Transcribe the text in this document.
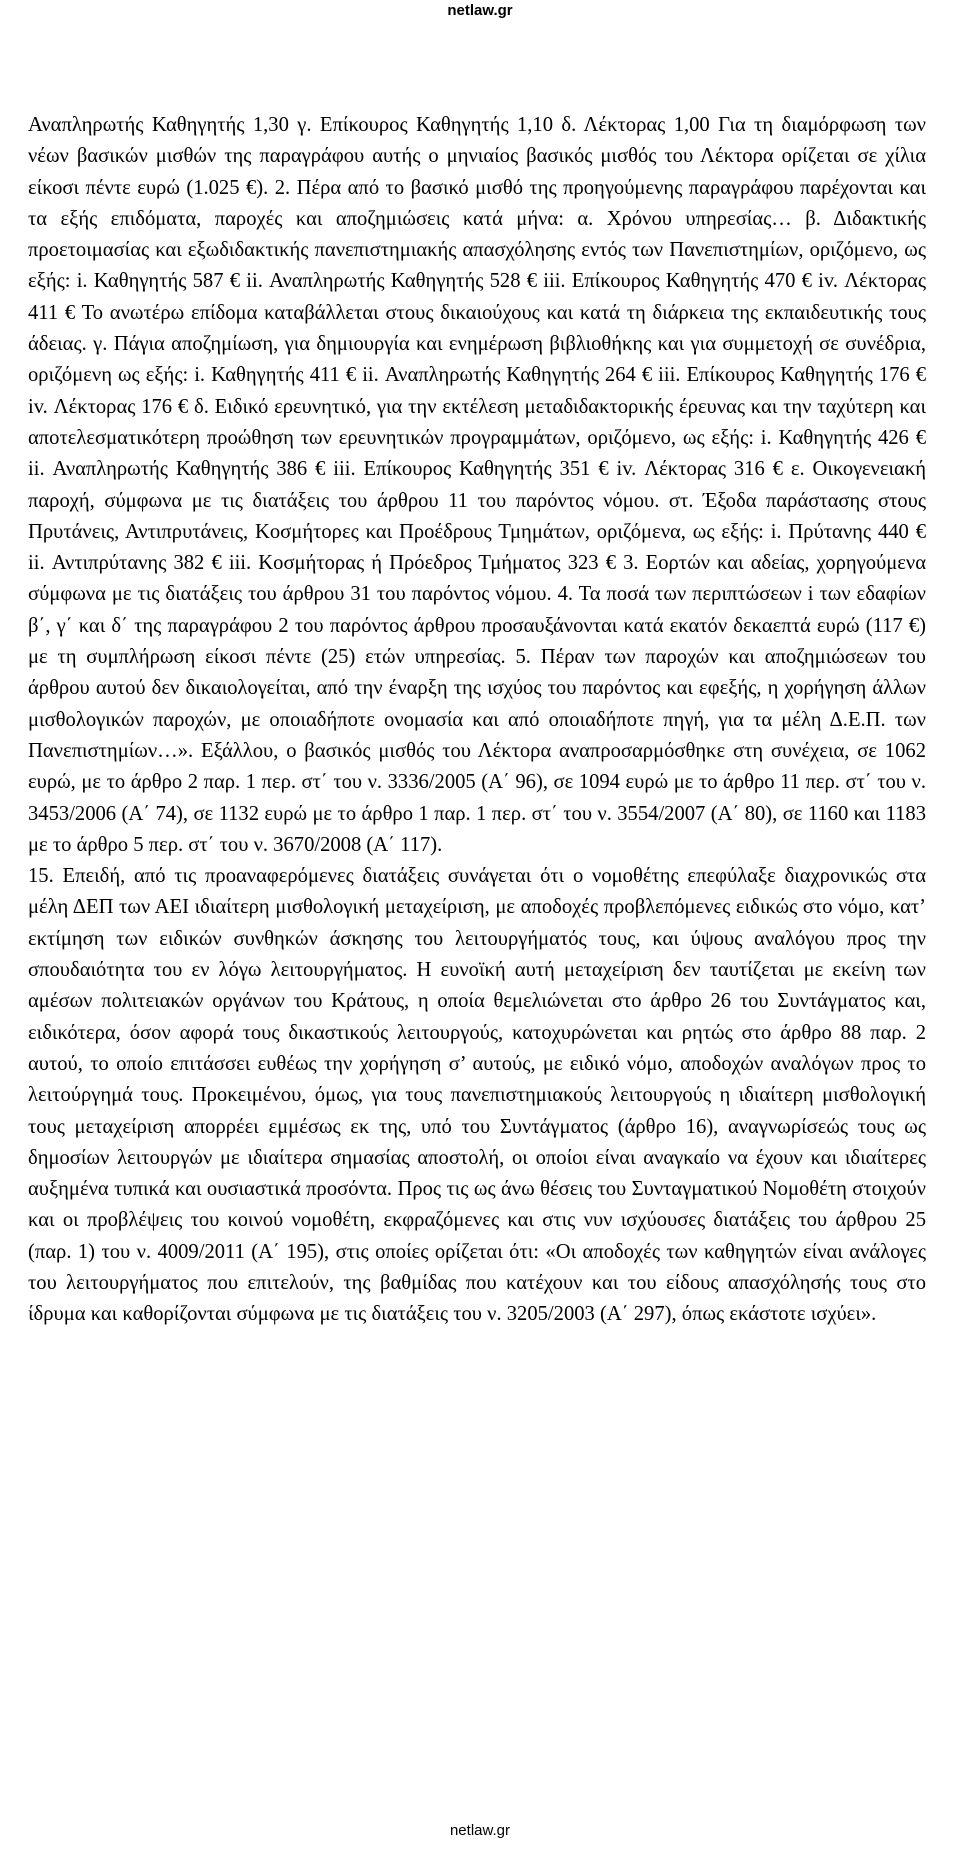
netlaw.gr

Αναπληρωτής Καθηγητής 1,30 γ. Επίκουρος Καθηγητής 1,10 δ. Λέκτορας 1,00 Για τη διαμόρφωση των νέων βασικών μισθών της παραγράφου αυτής ο μηνιαίος βασικός μισθός του Λέκτορα ορίζεται σε χίλια είκοσι πέντε ευρώ (1.025 €). 2. Πέρα από το βασικό μισθό της προηγούμενης παραγράφου παρέχονται και τα εξής επιδόματα, παροχές και αποζημιώσεις κατά μήνα: α. Χρόνου υπηρεσίας… β. Διδακτικής προετοιμασίας και εξωδιδακτικής πανεπιστημιακής απασχόλησης εντός των Πανεπιστημίων, οριζόμενο, ως εξής: i. Καθηγητής 587 € ii. Αναπληρωτής Καθηγητής 528 € iii. Επίκουρος Καθηγητής 470 € iv. Λέκτορας 411 € Το ανωτέρω επίδομα καταβάλλεται στους δικαιούχους και κατά τη διάρκεια της εκπαιδευτικής τους άδειας. γ. Πάγια αποζημίωση, για δημιουργία και ενημέρωση βιβλιοθήκης και για συμμετοχή σε συνέδρια, οριζόμενη ως εξής: i. Καθηγητής 411 € ii. Αναπληρωτής Καθηγητής 264 € iii. Επίκουρος Καθηγητής 176 € iv. Λέκτορας 176 € δ. Ειδικό ερευνητικό, για την εκτέλεση μεταδιδακτορικής έρευνας και την ταχύτερη και αποτελεσματικότερη προώθηση των ερευνητικών προγραμμάτων, οριζόμενο, ως εξής: i. Καθηγητής 426 € ii. Αναπληρωτής Καθηγητής 386 € iii. Επίκουρος Καθηγητής 351 € iv. Λέκτορας 316 € ε. Οικογενειακή παροχή, σύμφωνα με τις διατάξεις του άρθρου 11 του παρόντος νόμου. στ. Έξοδα παράστασης στους Πρυτάνεις, Αντιπρυτάνεις, Κοσμήτορες και Προέδρους Τμημάτων, οριζόμενα, ως εξής: i. Πρύτανης 440 € ii. Αντιπρύτανης 382 € iii. Κοσμήτορας ή Πρόεδρος Τμήματος 323 € 3. Εορτών και αδείας, χορηγούμενα σύμφωνα με τις διατάξεις του άρθρου 31 του παρόντος νόμου. 4. Τα ποσά των περιπτώσεων i των εδαφίων β΄, γ΄ και δ΄ της παραγράφου 2 του παρόντος άρθρου προσαυξάνονται κατά εκατόν δεκαεπτά ευρώ (117 €) με τη συμπλήρωση είκοσι πέντε (25) ετών υπηρεσίας. 5. Πέραν των παροχών και αποζημιώσεων του άρθρου αυτού δεν δικαιολογείται, από την έναρξη της ισχύος του παρόντος και εφεξής, η χορήγηση άλλων μισθολογικών παροχών, με οποιαδήποτε ονομασία και από οποιαδήποτε πηγή, για τα μέλη Δ.Ε.Π. των Πανεπιστημίων…». Εξάλλου, ο βασικός μισθός του Λέκτορα αναπροσαρμόσθηκε στη συνέχεια, σε 1062 ευρώ, με το άρθρο 2 παρ. 1 περ. στ΄ του ν. 3336/2005 (Α΄ 96), σε 1094 ευρώ με το άρθρο 11 περ. στ΄ του ν. 3453/2006 (Α΄ 74), σε 1132 ευρώ με το άρθρο 1 παρ. 1 περ. στ΄ του ν. 3554/2007 (Α΄ 80), σε 1160 και 1183 με το άρθρο 5 περ. στ΄ του ν. 3670/2008 (Α΄ 117).

15. Επειδή, από τις προαναφερόμενες διατάξεις συνάγεται ότι ο νομοθέτης επεφύλαξε διαχρονικώς στα μέλη ΔΕΠ των ΑΕΙ ιδιαίτερη μισθολογική μεταχείριση, με αποδοχές προβλεπόμενες ειδικώς στο νόμο, κατ’ εκτίμηση των ειδικών συνθηκών άσκησης του λειτουργήματός τους, και ύψους αναλόγου προς την σπουδαιότητα του εν λόγω λειτουργήματος. Η ευνοϊκή αυτή μεταχείριση δεν ταυτίζεται με εκείνη των αμέσων πολιτειακών οργάνων του Κράτους, η οποία θεμελιώνεται στο άρθρο 26 του Συντάγματος και, ειδικότερα, όσον αφορά τους δικαστικούς λειτουργούς, κατοχυρώνεται και ρητώς στο άρθρο 88 παρ. 2 αυτού, το οποίο επιτάσσει ευθέως την χορήγηση σ’ αυτούς, με ειδικό νόμο, αποδοχών αναλόγων προς το λειτούργημά τους. Προκειμένου, όμως, για τους πανεπιστημιακούς λειτουργούς η ιδιαίτερη μισθολογική τους μεταχείριση απορρέει εμμέσως εκ της, υπό του Συντάγματος (άρθρο 16), αναγνωρίσεώς τους ως δημοσίων λειτουργών με ιδιαίτερα σημασίας αποστολή, οι οποίοι είναι αναγκαίο να έχουν και ιδιαίτερες αυξημένα τυπικά και ουσιαστικά προσόντα. Προς τις ως άνω θέσεις του Συνταγματικού Νομοθέτη στοιχούν και οι προβλέψεις του κοινού νομοθέτη, εκφραζόμενες και στις νυν ισχύουσες διατάξεις του άρθρου 25 (παρ. 1) του ν. 4009/2011 (Α΄ 195), στις οποίες ορίζεται ότι: «Οι αποδοχές των καθηγητών είναι ανάλογες του λειτουργήματος που επιτελούν, της βαθμίδας που κατέχουν και του είδους απασχόλησής τους στο ίδρυμα και καθορίζονται σύμφωνα με τις διατάξεις του ν. 3205/2003 (Α΄ 297), όπως εκάστοτε ισχύει».

netlaw.gr
